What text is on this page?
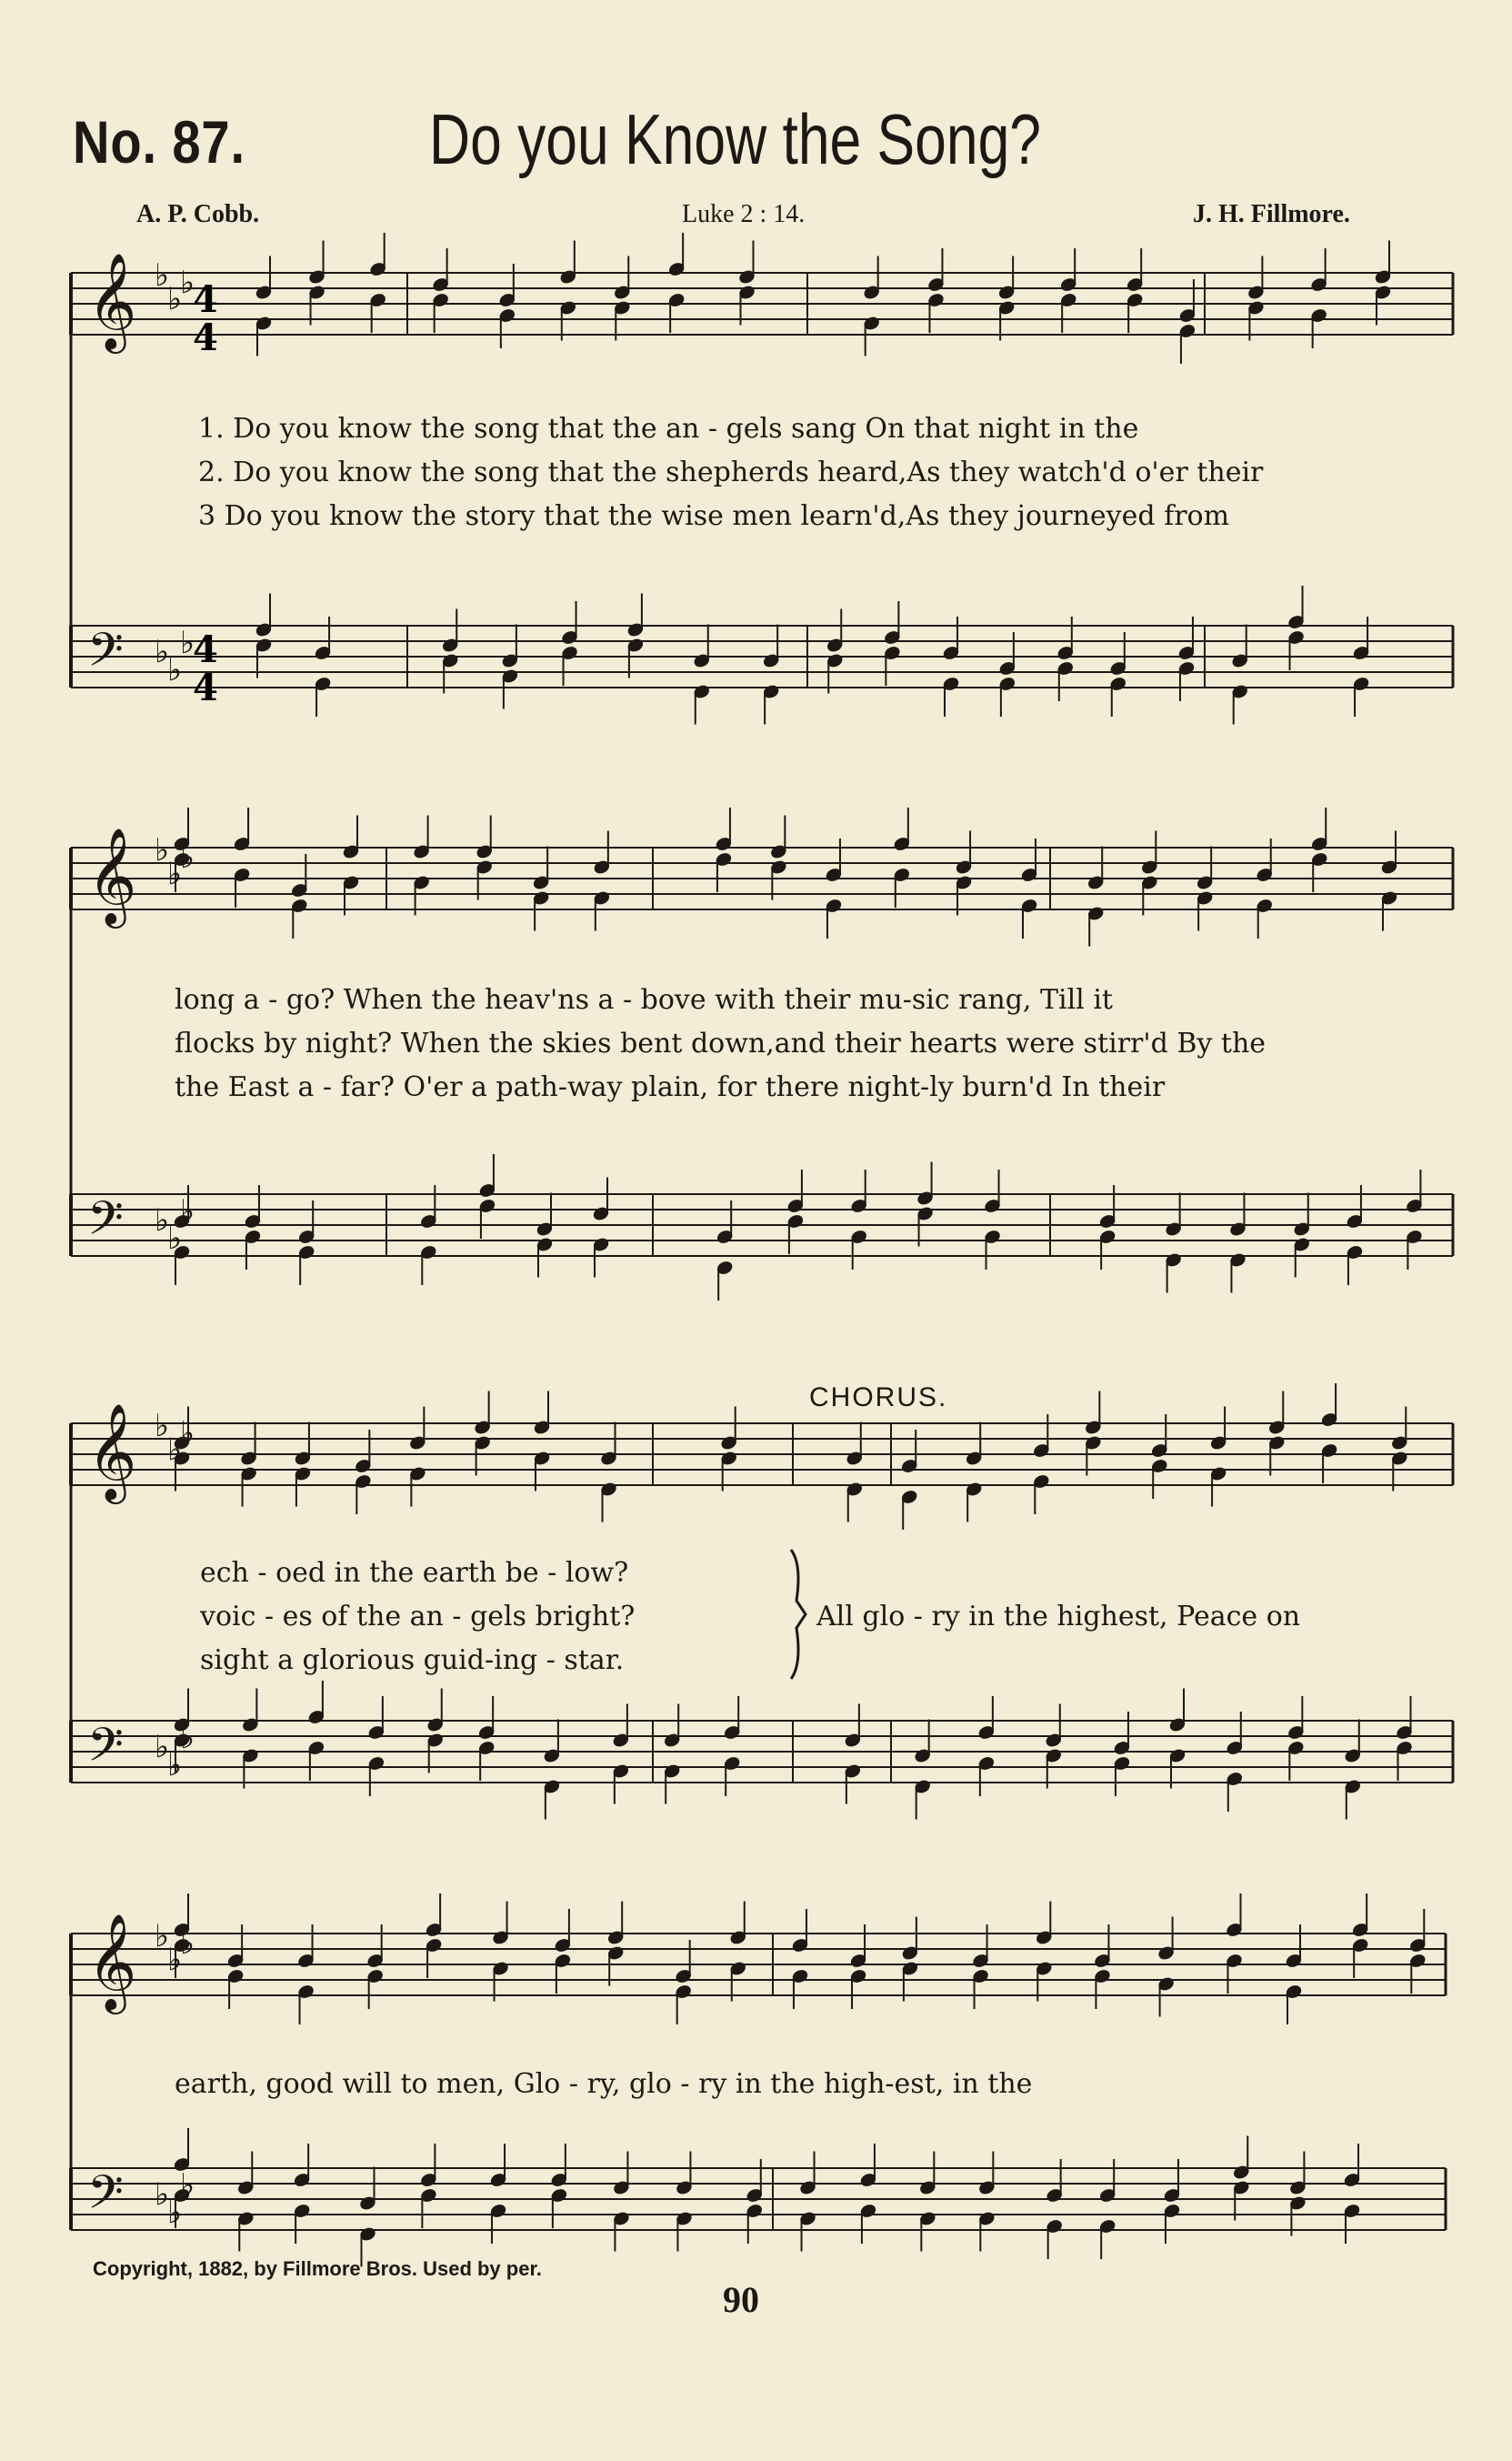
No. 87.	Do you Know the Song?
A. P. Cobb.	Luke 2 : 14.	J. H. Fillmore.
𝄞 ♭
♭
♭
𝄢 ♭
♭
♭
𝄞 ♭
♭
♭
𝄢 ♭
♭
♭
𝄞 ♭
♭
♭
𝄢 ♭
♭
♭
𝄞 ♭
♭
♭
𝄢 ♭
♭
♭
4
4
4
4
1. Do you know the song that the an - gels sang On that night in the
2. Do you know the song that the shepherds heard,As they watch'd o'er their
3 Do you know the story that the wise men learn'd,As they journeyed from
long a - go? When the heav'ns a - bove with their mu-sic rang, Till it
flocks by night? When the skies bent down,and their hearts were stirr'd By the
the East a - far? O'er a path-way plain, for there night-ly burn'd In their
CHORUS.
ech - oed in the earth be - low?
voic - es of the an - gels bright?
sight a glorious guid-ing - star.
All glo - ry in the highest, Peace on
earth, good will to men, Glo - ry, glo - ry in the high-est, in the
Copyright, 1882, by Fillmore Bros. Used by per.
90
